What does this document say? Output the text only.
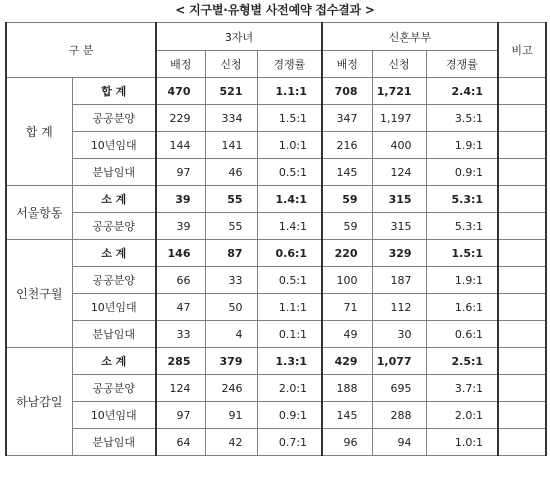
< 지구별·유형별 사전예약 접수결과 >
구 분		3자녀			신혼부부			비고
		배정	신청	경쟁률	배정	신청	경쟁률	
합 계	합 계	470	521	1.1:1	708	1,721	2.4:1	
	공공분양	229	334	1.5:1	347	1,197	3.5:1	
	10년임대	144	141	1.0:1	216	400	1.9:1	
	분납임대	97	46	0.5:1	145	124	0.9:1	
서울항동	소 계	39	55	1.4:1	59	315	5.3:1	
	공공분양	39	55	1.4:1	59	315	5.3:1	
인천구월	소 계	146	87	0.6:1	220	329	1.5:1	
	공공분양	66	33	0.5:1	100	187	1.9:1	
	10년임대	47	50	1.1:1	71	112	1.6:1	
	분납임대	33	4	0.1:1	49	30	0.6:1	
하남감일	소 계	285	379	1.3:1	429	1,077	2.5:1	
	공공분양	124	246	2.0:1	188	695	3.7:1	
	10년임대	97	91	0.9:1	145	288	2.0:1	
	분납임대	64	42	0.7:1	96	94	1.0:1	
